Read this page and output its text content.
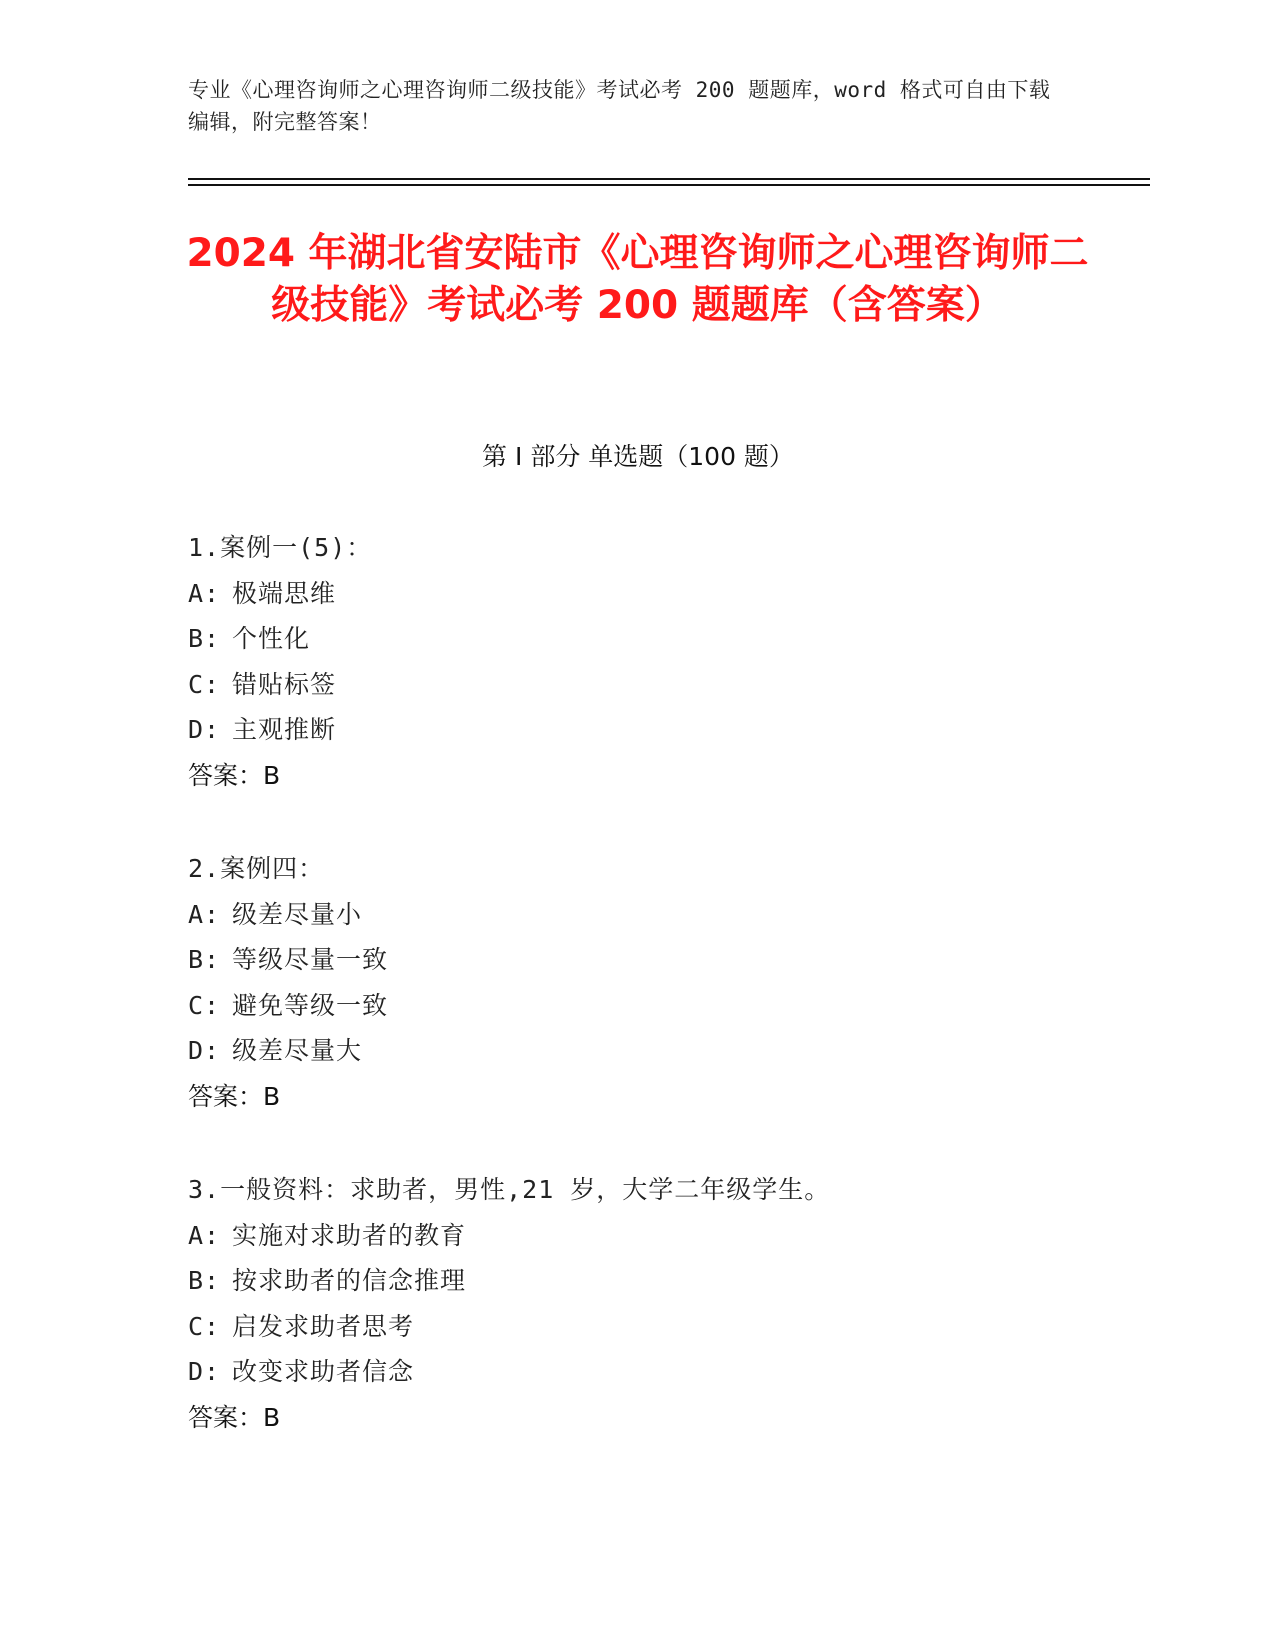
专业《心理咨询师之心理咨询师二级技能》考试必考 200 题题库，word 格式可自由下载编辑，附完整答案！
2024 年湖北省安陆市《心理咨询师之心理咨询师二级技能》考试必考 200 题题库（含答案）
第 I 部分 单选题（100 题）
1.案例一(5)：
A: 极端思维
B: 个性化
C: 错贴标签
D: 主观推断
答案：B
2.案例四：
A: 级差尽量小
B: 等级尽量一致
C: 避免等级一致
D: 级差尽量大
答案：B
3.一般资料：求助者，男性,21 岁，大学二年级学生。
A: 实施对求助者的教育
B: 按求助者的信念推理
C: 启发求助者思考
D: 改变求助者信念
答案：B
